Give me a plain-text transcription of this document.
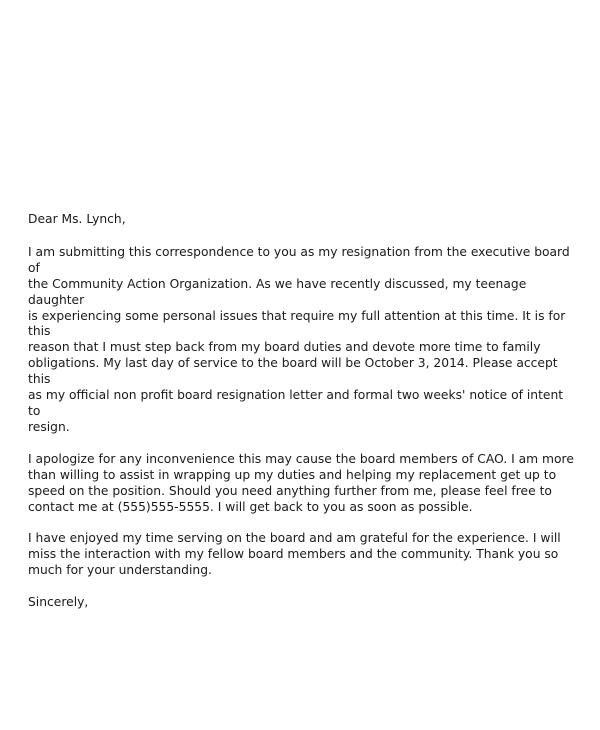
Dear Ms. Lynch,

I am submitting this correspondence to you as my resignation from the executive board of
the Community Action Organization. As we have recently discussed, my teenage daughter
is experiencing some personal issues that require my full attention at this time. It is for this
reason that I must step back from my board duties and devote more time to family
obligations. My last day of service to the board will be October 3, 2014. Please accept this
as my official non profit board resignation letter and formal two weeks' notice of intent to
resign.

I apologize for any inconvenience this may cause the board members of CAO. I am more
than willing to assist in wrapping up my duties and helping my replacement get up to
speed on the position. Should you need anything further from me, please feel free to
contact me at (555)555-5555. I will get back to you as soon as possible.

I have enjoyed my time serving on the board and am grateful for the experience. I will
miss the interaction with my fellow board members and the community. Thank you so
much for your understanding.

Sincerely,
